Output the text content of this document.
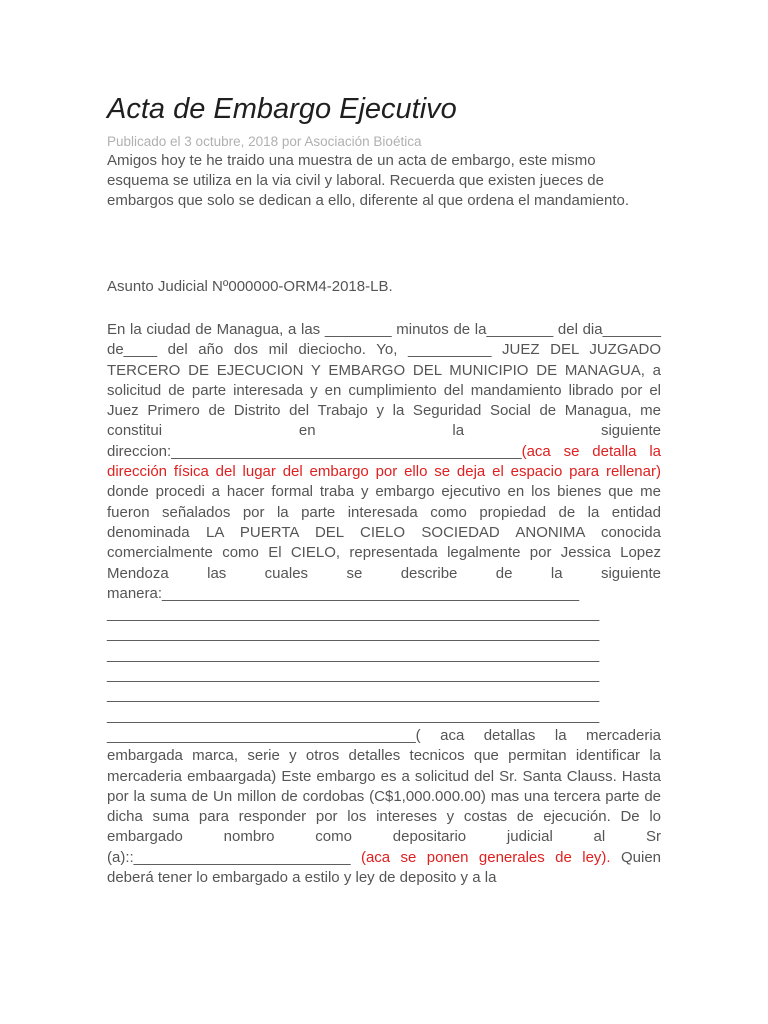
Acta de Embargo Ejecutivo
Publicado el 3 octubre, 2018 por Asociación Bioética

Amigos hoy te he traido una muestra de un acta de embargo, este mismo esquema se utiliza en la via civil y laboral. Recuerda que existen jueces de embargos que solo se dedican a ello, diferente al que ordena el mandamiento.

Asunto Judicial Nº000000-ORM4-2018-LB.
En la ciudad de Managua, a las ________ minutos de la________ del dia_______ de____ del año dos mil dieciocho. Yo, __________ JUEZ DEL JUZGADO TERCERO DE EJECUCION Y EMBARGO DEL MUNICIPIO DE MANAGUA, a solicitud de parte interesada y en cumplimiento del mandamiento librado por el Juez Primero de Distrito del Trabajo y la Seguridad Social de Managua, me constitui en la siguiente direccion:__________________________________________(aca se detalla la dirección física del lugar del embargo por ello se deja el espacio para rellenar) donde procedi a hacer formal traba y embargo ejecutivo en los bienes que me fueron señalados por la parte interesada como propiedad de la entidad denominada LA PUERTA DEL CIELO SOCIEDAD ANONIMA conocida comercialmente como El CIELO, representada legalmente por Jessica Lopez Mendoza las cuales se describe de la siguiente manera:__________________________________________________ ___________________________________________________________ ___________________________________________________________ ___________________________________________________________ ___________________________________________________________ ___________________________________________________________ ___________________________________________________________ _____________________________________( aca detallas la mercaderia embargada marca, serie y otros detalles tecnicos que permitan identificar la mercaderia embaargada) Este embargo es a solicitud del Sr. Santa Clauss. Hasta por la suma de Un millon de cordobas (C$1,000.000.00) mas una tercera parte de dicha suma para responder por los intereses y costas de ejecución. De lo embargado nombro como depositario judicial al Sr (a)::__________________________ (aca se ponen generales de ley). Quien deberá tener lo embargado a estilo y ley de deposito y a la
